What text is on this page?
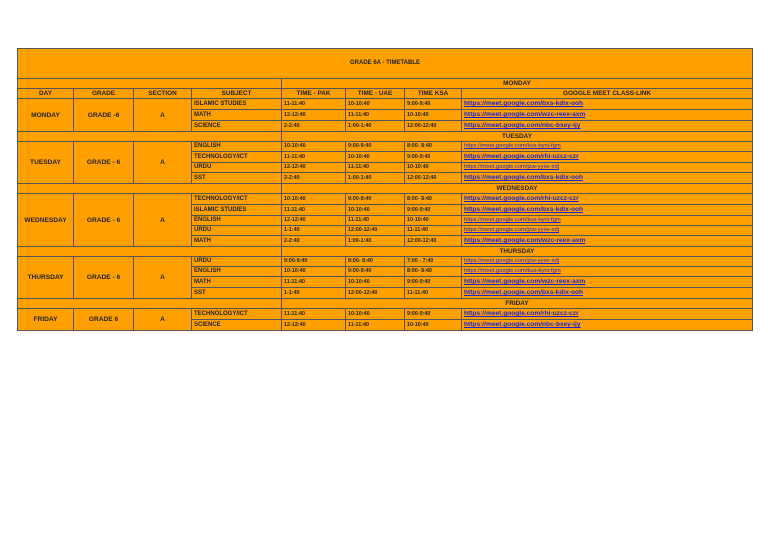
GRADE 6A - TIMETABLE							
				MONDAY			
DAY	GRADE	SECTION	SUBJECT	TIME - PAK	TIME - UAE	TIME KSA	GOOGLE MEET CLASS-LINK
MONDAY	GRADE -6	A	ISLAMIC STUDIES	11-11:40	10-10:40	9:00-9:40	https://meet.google.com/bxs-kdix-ooh
			MATH	12-12:40	11-11:40	10-10:40	https://meet.google.com/wzc-reex-axm
			SCIENCE	2-2:40	1:00-1:40	12:00-12:40	https://meet.google.com/nbc-bxey-ijy
				TUESDAY			
TUESDAY	GRADE - 6	A	ENGLISH	10-10:40	9:00-9:40	8:00- 8:40	https://meet.google.com/kus-byni-fgm
			TECHNOLOGY/ICT	11-11:40	10-10:40	9:00-9:40	https://meet.google.com/rhi-uzcz-czr
			URDU	12-12:40	11-11:40	10-10:40	https://meet.google.com/jzw-yyov-xdj
			SST	2-2:40	1:00-1:40	12:00-12:40	https://meet.google.com/bxs-kdix-ooh
				WEDNESDAY			
WEDNESDAY	GRADE - 6	A	TECHNOLOGY/ICT	10-10:40	9:00-9:40	8:00- 8:40	https://meet.google.com/rhi-uzcz-czr
			ISLAMIC STUDIES	11-11:40	10-10:40	9:00-9:40	https://meet.google.com/bxs-kdix-ooh
			ENGLISH	12-12:40	11-11:40	10-10:40	https://meet.google.com/kus-byni-fgm
			URDU	1-1:40	12:00-12:40	11-11:40	https://meet.google.com/jzw-yyov-xdj
			MATH	2-2:40	1:00-1:40	12:00-12:40	https://meet.google.com/wzc-reex-axm
				THURSDAY			
THURSDAY	GRADE - 6	A	URDU	9:00-9:40	8:00- 8:40	7:00 - 7:40	https://meet.google.com/jzw-yyov-xdj
			ENGLISH	10-10:40	9:00-9:40	8:00- 8:40	https://meet.google.com/kus-byni-fgm
			MATH	11-11:40	10-10:40	9:00-9:40	https://meet.google.com/wzc-reex-axm
			SST	1-1:40	12:00-12:40	11-11:40	https://meet.google.com/bxs-kdix-ooh
				FRIDAY			
FRIDAY	GRADE 6	A	TECHNOLOGY/ICT	11-11:40	10-10:40	9:00-9:40	https://meet.google.com/rhi-uzcz-czr
			SCIENCE	12-12:40	11-11:40	10-10:40	https://meet.google.com/nbc-bxey-ijy
